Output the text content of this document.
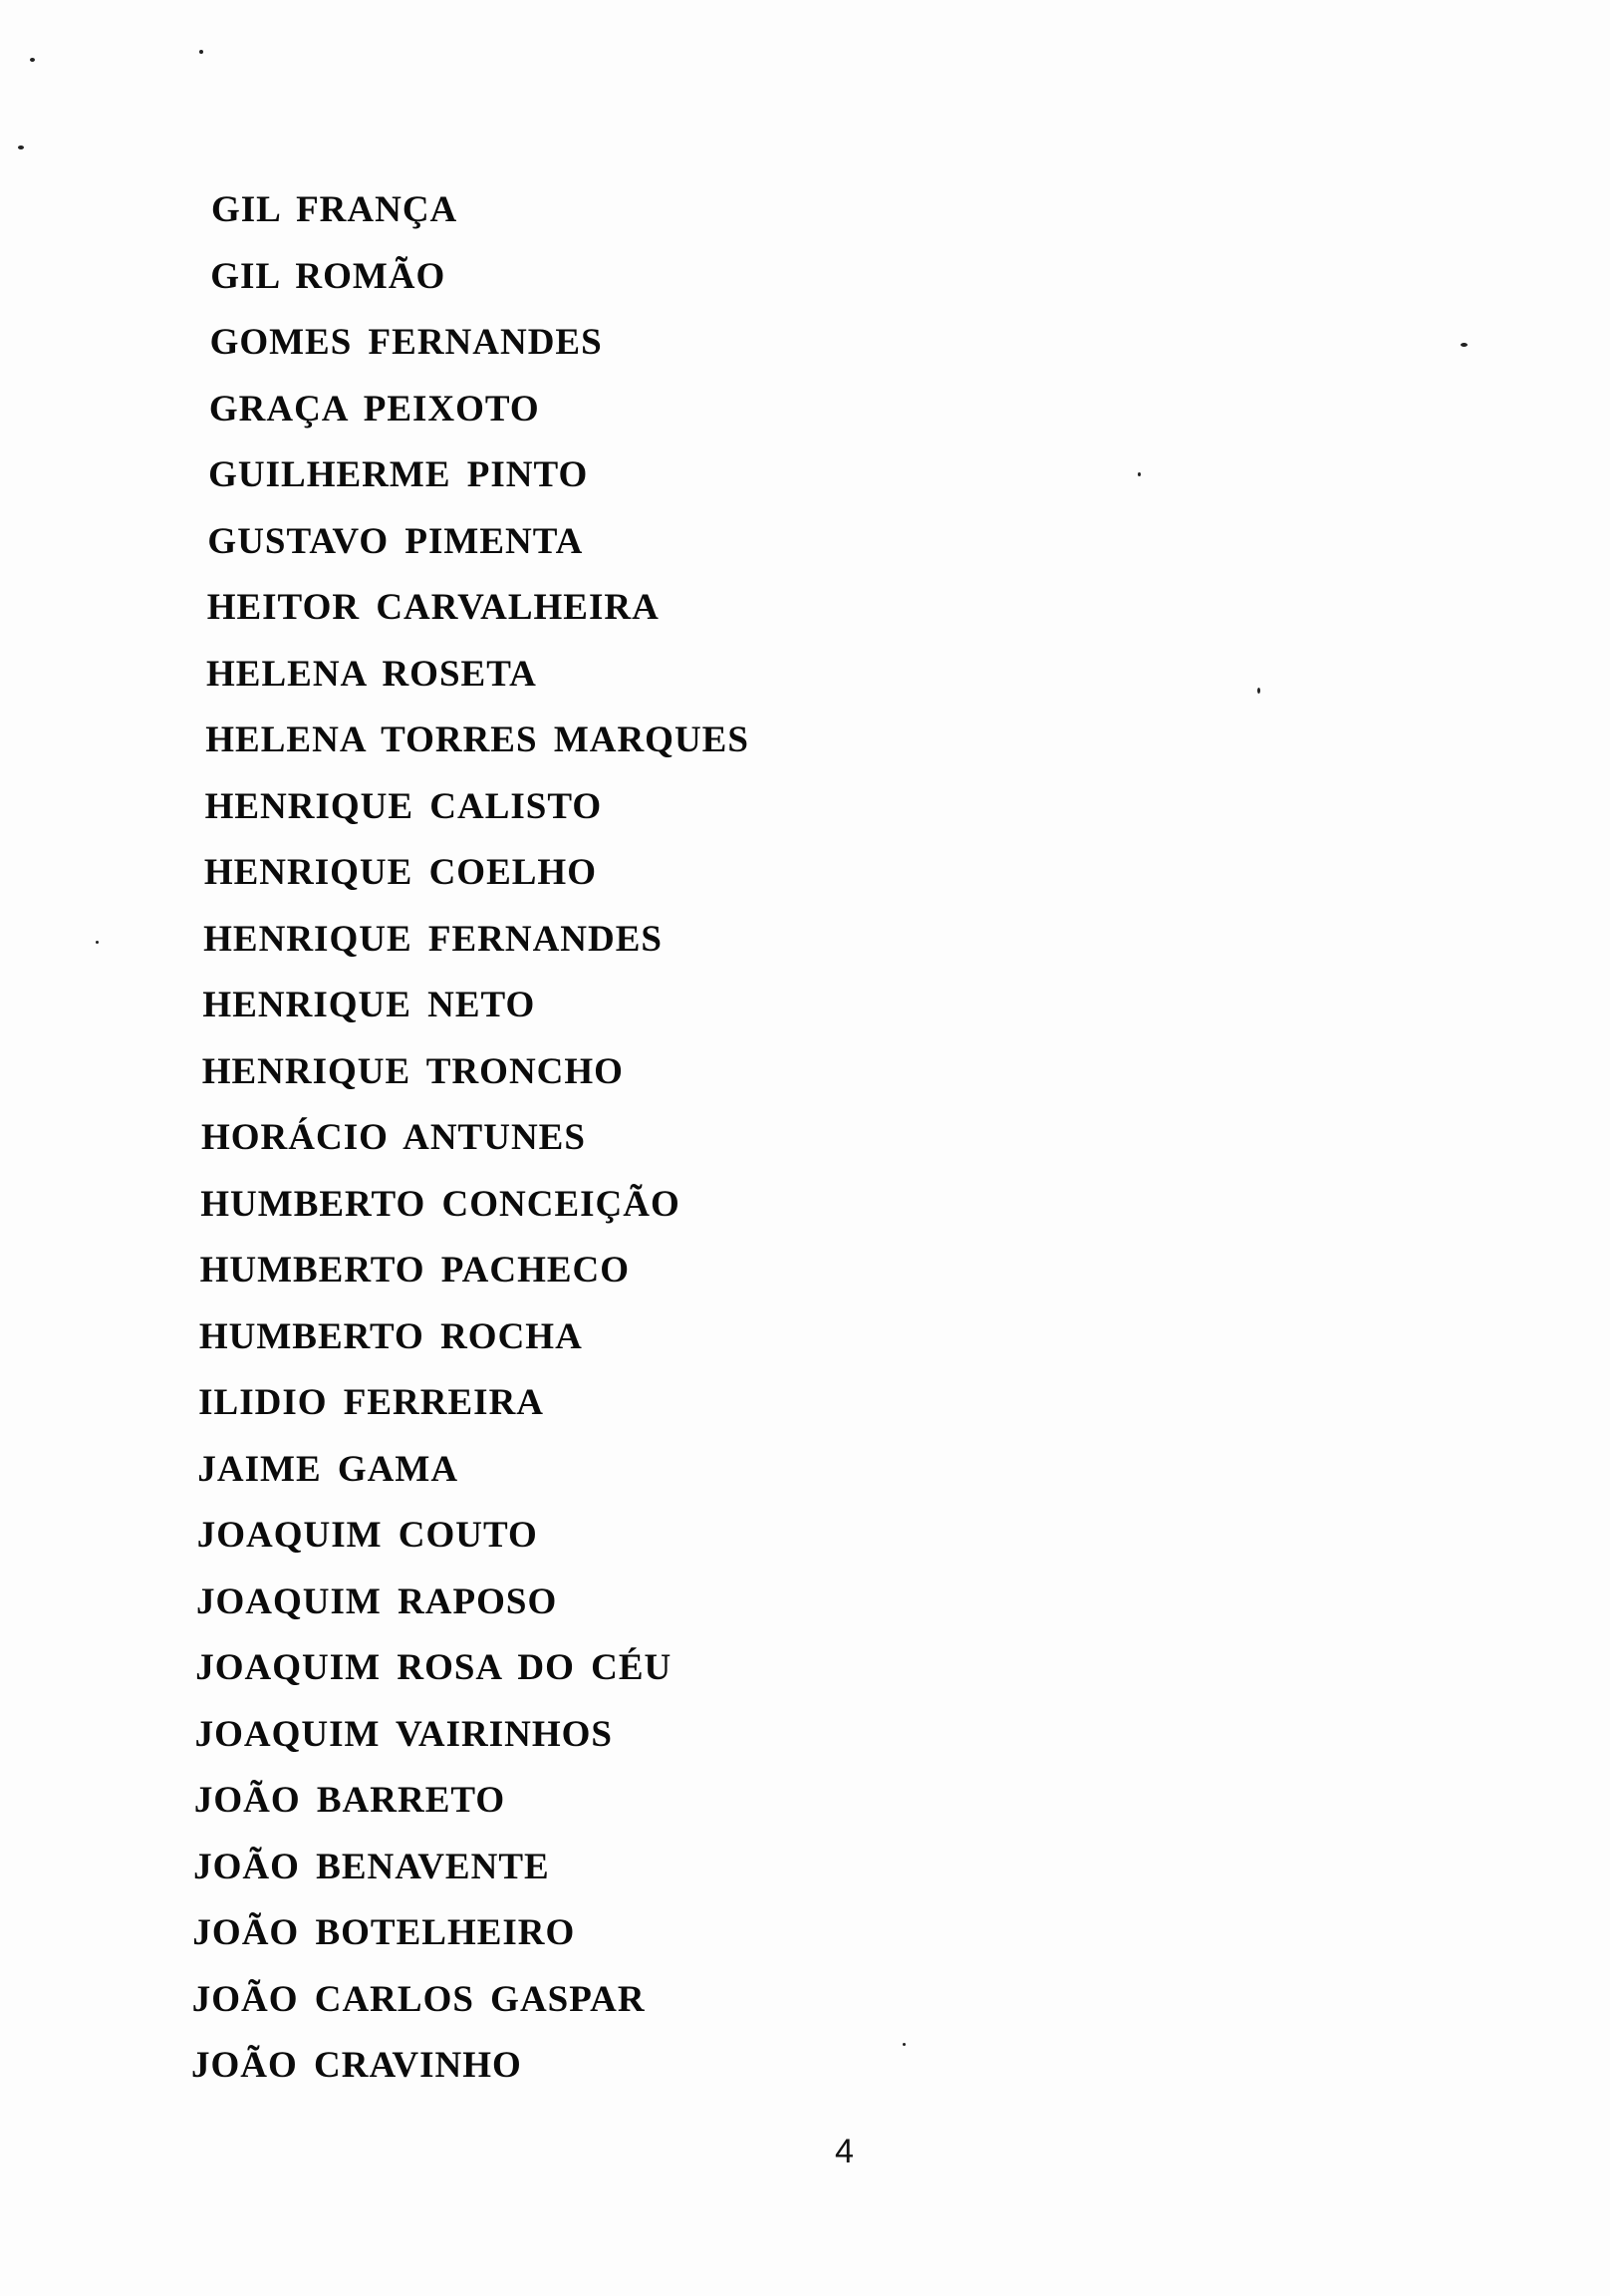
GIL FRANÇA
GIL ROMÃO
GOMES FERNANDES
GRAÇA PEIXOTO
GUILHERME PINTO
GUSTAVO PIMENTA
HEITOR CARVALHEIRA
HELENA ROSETA
HELENA TORRES MARQUES
HENRIQUE CALISTO
HENRIQUE COELHO
HENRIQUE FERNANDES
HENRIQUE NETO
HENRIQUE TRONCHO
HORÁCIO ANTUNES
HUMBERTO CONCEIÇÃO
HUMBERTO PACHECO
HUMBERTO ROCHA
ILIDIO FERREIRA
JAIME GAMA
JOAQUIM COUTO
JOAQUIM RAPOSO
JOAQUIM ROSA DO CÉU
JOAQUIM VAIRINHOS
JOÃO BARRETO
JOÃO BENAVENTE
JOÃO BOTELHEIRO
JOÃO CARLOS GASPAR
JOÃO CRAVINHO
4
